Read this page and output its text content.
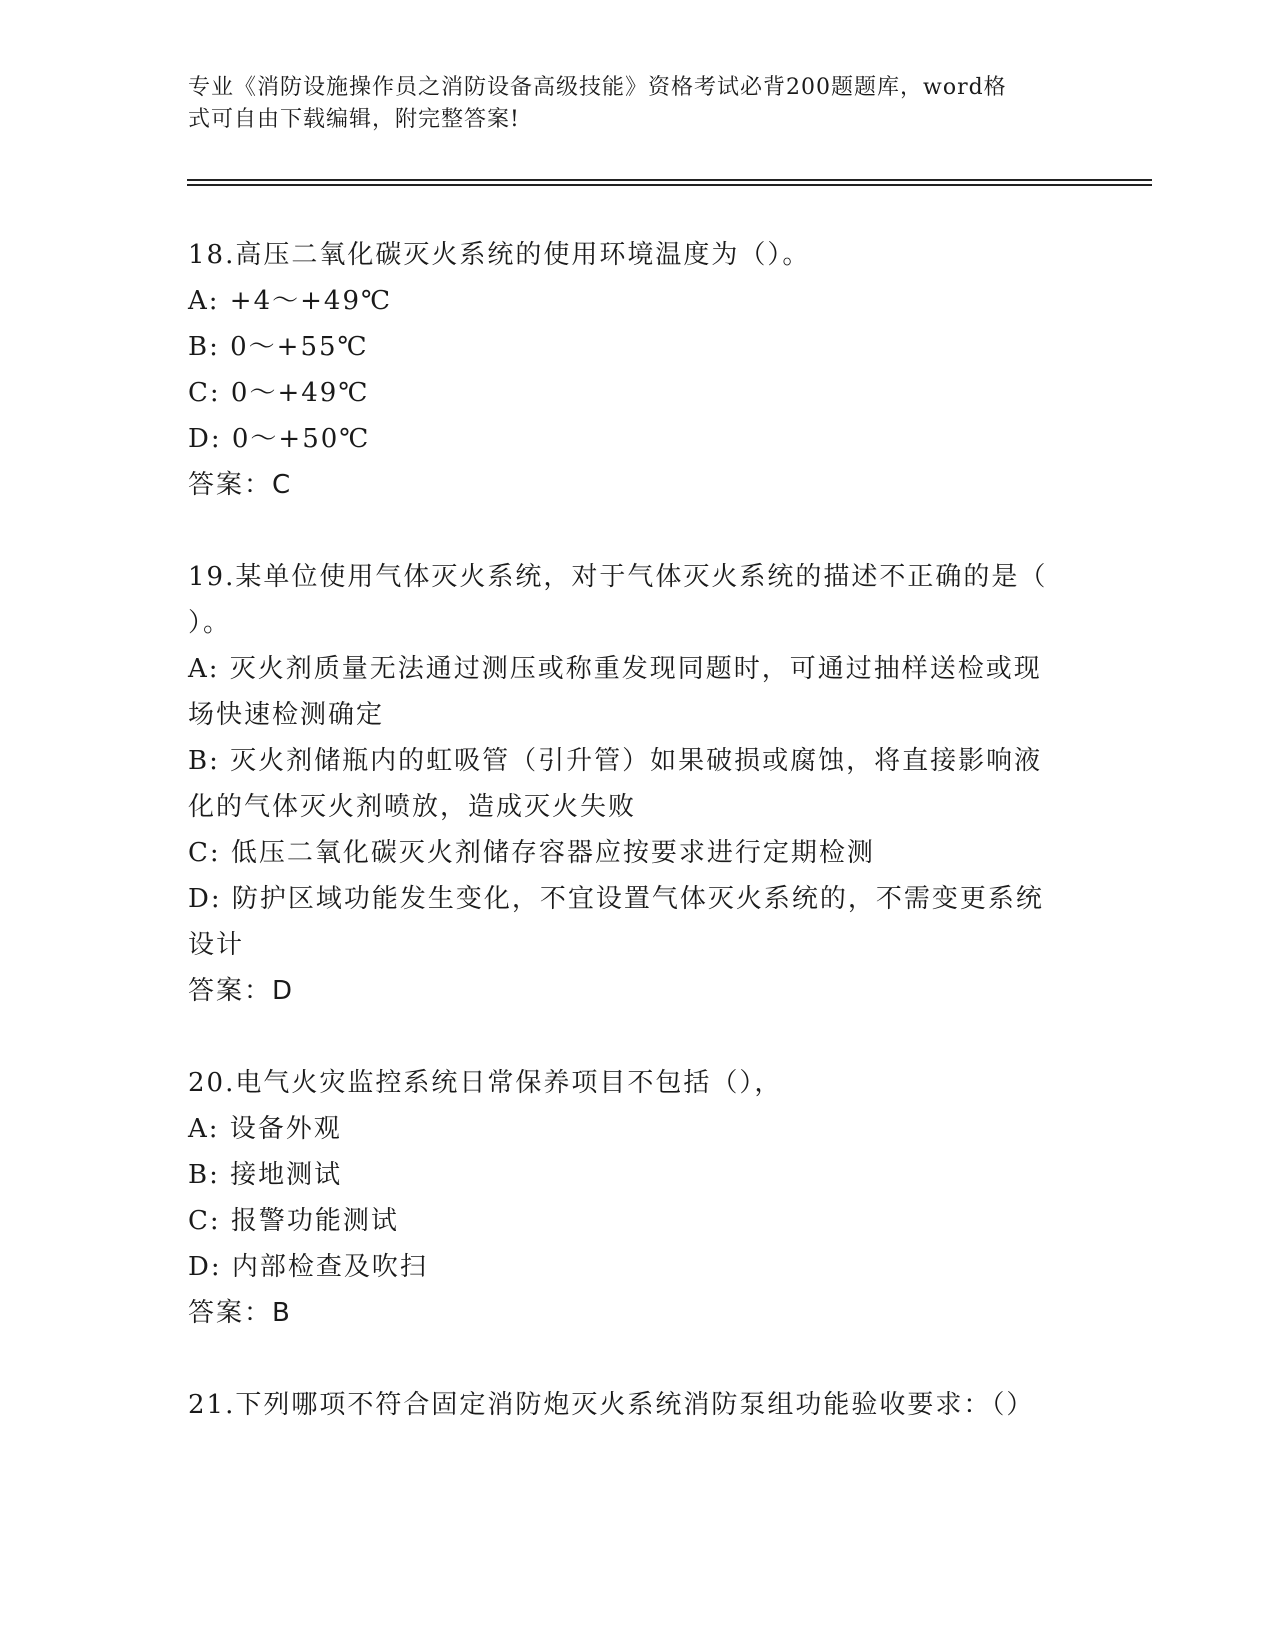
专业《消防设施操作员之消防设备高级技能》资格考试必背200题题库，word格
式可自由下载编辑，附完整答案!
18.高压二氧化碳灭火系统的使用环境温度为（）。
A: +4～+49℃
B: 0～+55℃
C: 0～+49℃
D: 0～+50℃
答案：C
19.某单位使用气体灭火系统，对于气体灭火系统的描述不正确的是（
）。
A: 灭火剂质量无法通过测压或称重发现同题时，可通过抽样送检或现
场快速检测确定
B: 灭火剂储瓶内的虹吸管（引升管）如果破损或腐蚀，将直接影响液
化的气体灭火剂喷放，造成灭火失败
C: 低压二氧化碳灭火剂储存容器应按要求进行定期检测
D: 防护区域功能发生变化，不宜设置气体灭火系统的，不需变更系统
设计
答案：D
20.电气火灾监控系统日常保养项目不包括（），
A: 设备外观
B: 接地测试
C: 报警功能测试
D: 内部检查及吹扫
答案：B
21.下列哪项不符合固定消防炮灭火系统消防泵组功能验收要求：（）
